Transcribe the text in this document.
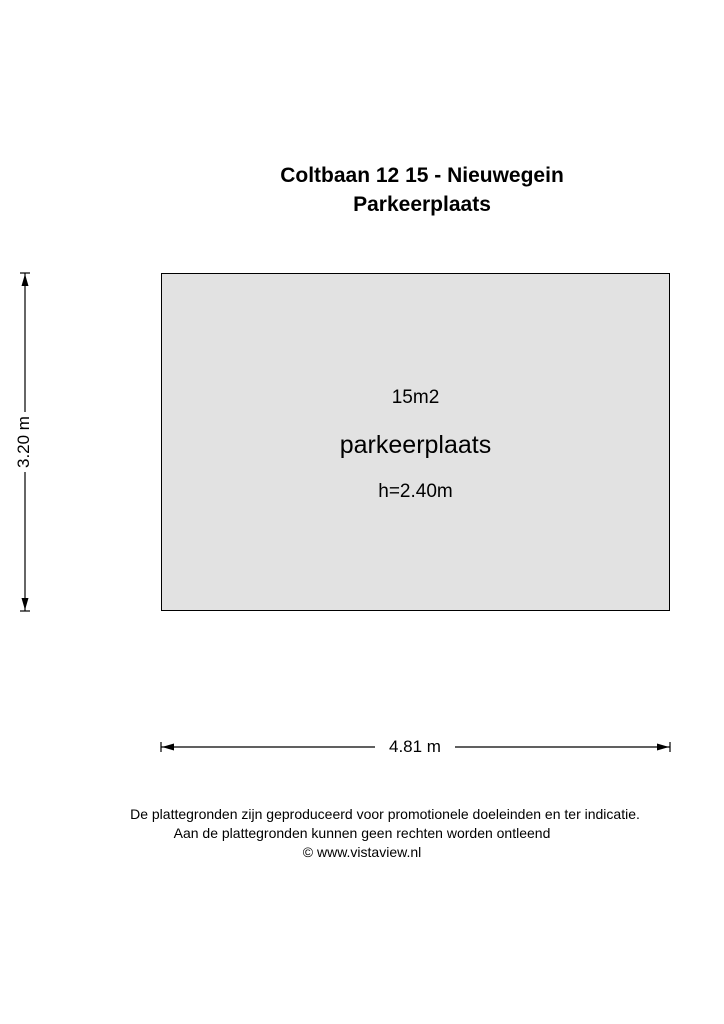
Coltbaan 12 15 - Nieuwegein
Parkeerplaats
15m2
parkeerplaats
h=2.40m
4.81 m
3.20 m
De plattegronden zijn geproduceerd voor promotionele doeleinden en ter indicatie.
Aan de plattegronden kunnen geen rechten worden ontleend
© www.vistaview.nl
